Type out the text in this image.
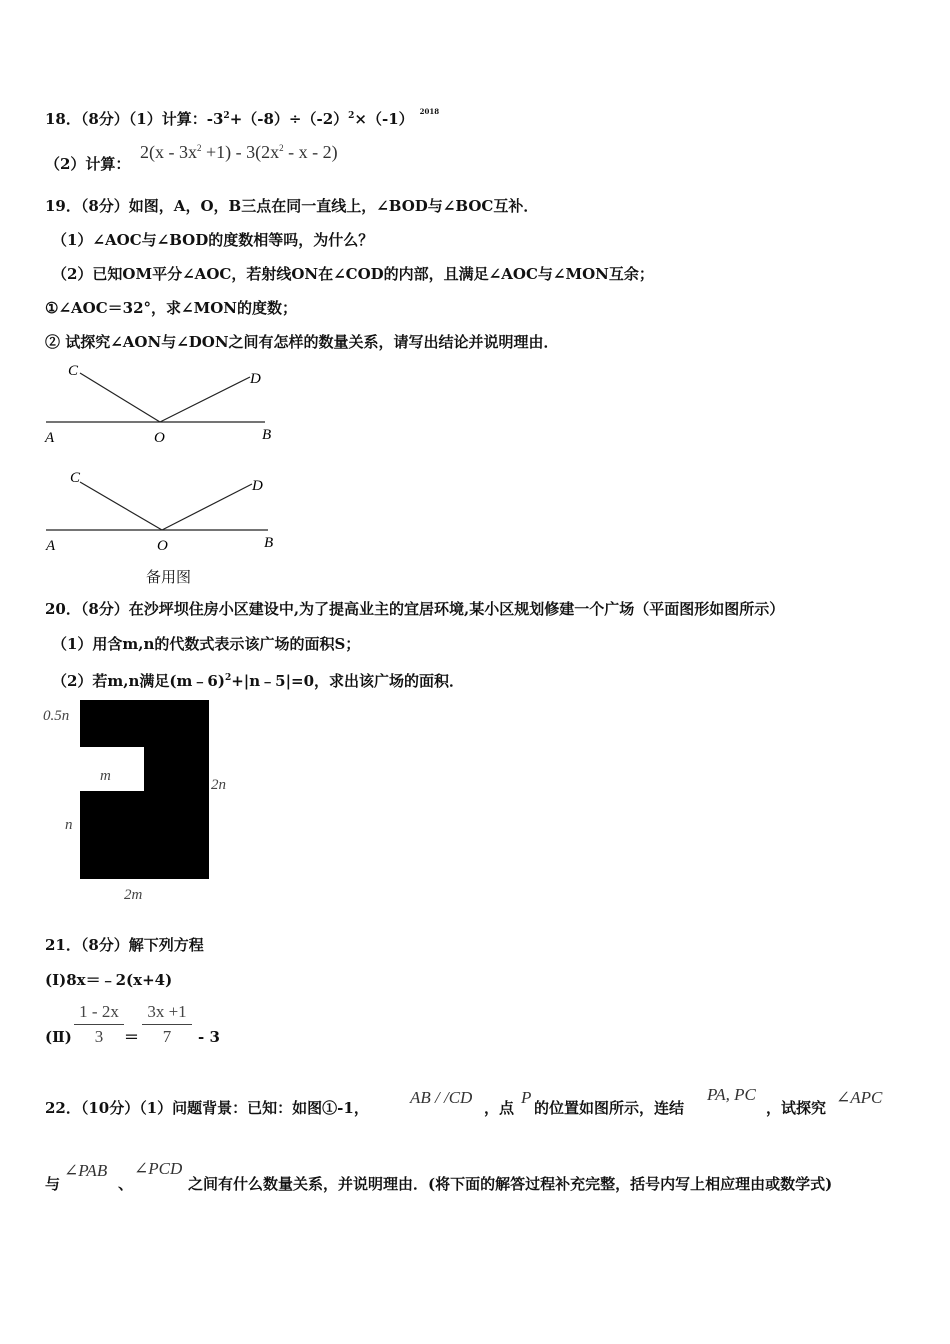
18．（8分）（1）计算：$-3^2+(-8)\div(-2)^2\times(-1)$ $^{2018}$
（2）计算：
$2(x - 3x^2 +1) - 3(2x^2 - x - 2)$
19．（8分）如图，A，O，B三点在同一直线上，∠BOD与∠BOC互补．
（1）∠AOC与∠BOD的度数相等吗，为什么？
（2）已知OM平分∠AOC，若射线ON在∠COD的内部，且满足∠AOC与∠MON互余；
①∠AOC＝32°，求∠MON的度数；
② 试探究∠AON与∠DON之间有怎样的数量关系，请写出结论并说明理由．
C	D
A	O	B
C	D
A	O	B
备用图
20．（8分）在沙坪坝住房小区建设中,为了提高业主的宜居环境,某小区规划修建一个广场（平面图形如图所示）
（1）用含m,n的代数式表示该广场的面积S；
（2）若m,n满足(m﹣6)$^2$+|n﹣5|=0，求出该广场的面积．
0.5n
m
2n
n
2m
21．（8分）解下列方程
(Ⅰ)8x＝﹣2(x+4)
(Ⅱ) $\frac{1 - 2x}{3} = \frac{3x +1}{7} - 3$
22．（10分）（1）问题背景：已知：如图①-1，
AB / /CD
，点
P
的位置如图所示，连结
PA, PC
，试探究
∠APC
与
∠PAB
、
∠PCD
之间有什么数量关系，并说明理由．(将下面的解答过程补充完整，括号内写上相应理由或数学式)
